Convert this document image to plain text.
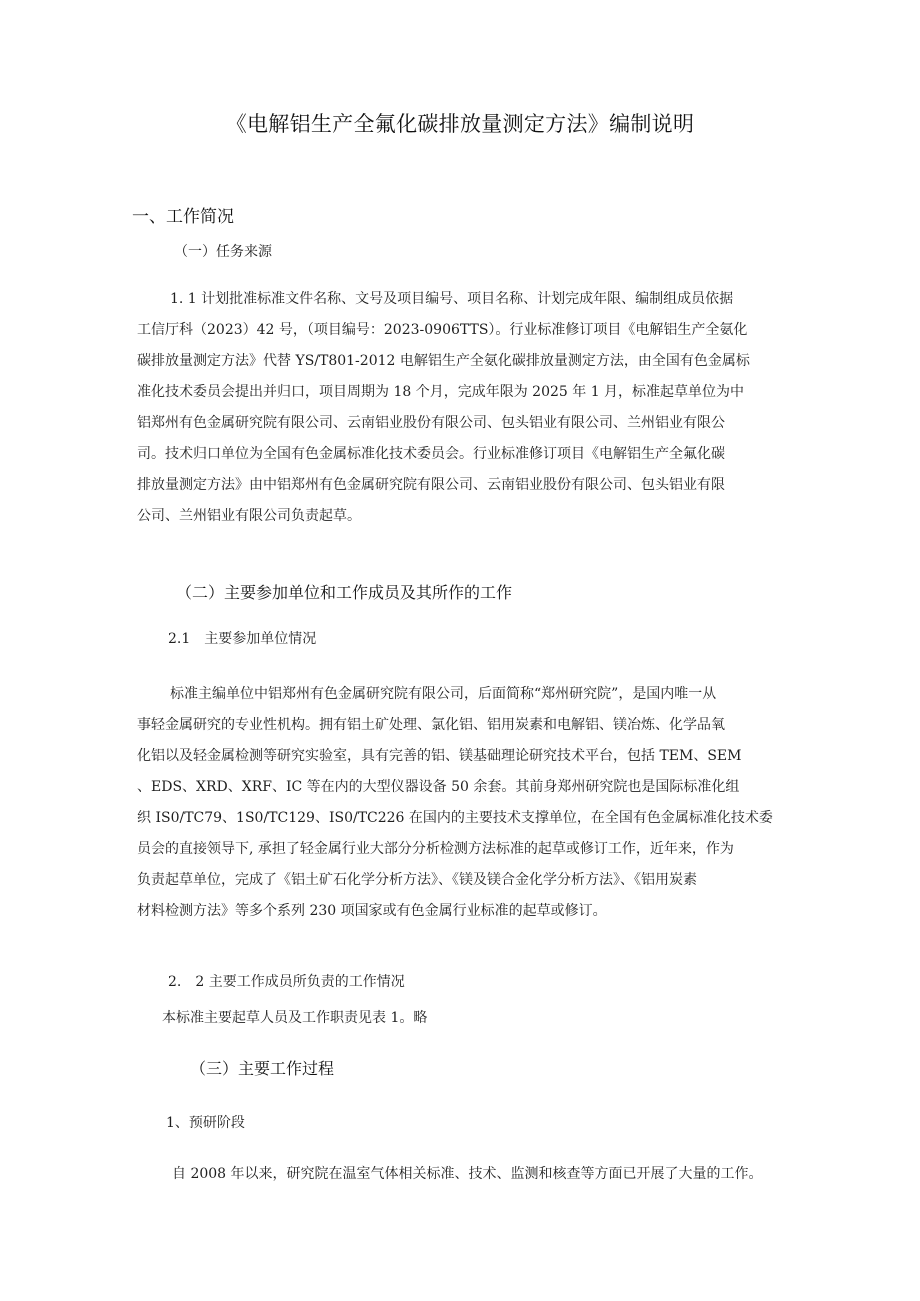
《电解铝生产全氟化碳排放量测定方法》编制说明
一、工作简况
（一）任务来源
1. 1 计划批准标准文件名称、文号及项目编号、项目名称、计划完成年限、编制组成员依据
工信厅科（2023）42 号，（项目编号：2023-0906TTS）。行业标准修订项目《电解铝生产全氨化
碳排放量测定方法》代替 YS/T801-2012 电解铝生产全氨化碳排放量测定方法，由全国有色金属标
准化技术委员会提出并归口，项目周期为 18 个月，完成年限为 2025 年 1 月，标准起草单位为中
铝郑州有色金属研究院有限公司、云南铝业股份有限公司、包头铝业有限公司、兰州铝业有限公
司。技术归口单位为全国有色金属标准化技术委员会。行业标准修订项目《电解铝生产全氟化碳
排放量测定方法》由中铝郑州有色金属研究院有限公司、云南铝业股份有限公司、包头铝业有限
公司、兰州铝业有限公司负责起草。
（二）主要参加单位和工作成员及其所作的工作
2.1　主要参加单位情况
标准主编单位中铝郑州有色金属研究院有限公司，后面简称“郑州研究院”，是国内唯一从
事轻金属研究的专业性机构。拥有铝土矿处理、氯化铝、铝用炭素和电解铝、镁冶炼、化学品氧
化铝以及轻金属检测等研究实验室，具有完善的铝、镁基础理论研究技术平台，包括 TEM、SEM
、EDS、XRD、XRF、IC 等在内的大型仪器设备 50 余套。其前身郑州研究院也是国际标准化组
织 IS0/TC79、1S0/TC129、IS0/TC226 在国内的主要技术支撑单位，在全国有色金属标准化技术委
员会的直接领导下, 承担了轻金属行业大部分分析检测方法标准的起草或修订工作，近年来，作为
负责起草单位，完成了《铝土矿石化学分析方法》、《镁及镁合金化学分析方法》、《铝用炭素
材料检测方法》等多个系列 230 项国家或有色金属行业标准的起草或修订。
2.　2 主要工作成员所负责的工作情况
本标准主要起草人员及工作职责见表 1。略
（三）主要工作过程
1、预研阶段
自 2008 年以来，研究院在温室气体相关标准、技术、监测和核查等方面已开展了大量的工作。
